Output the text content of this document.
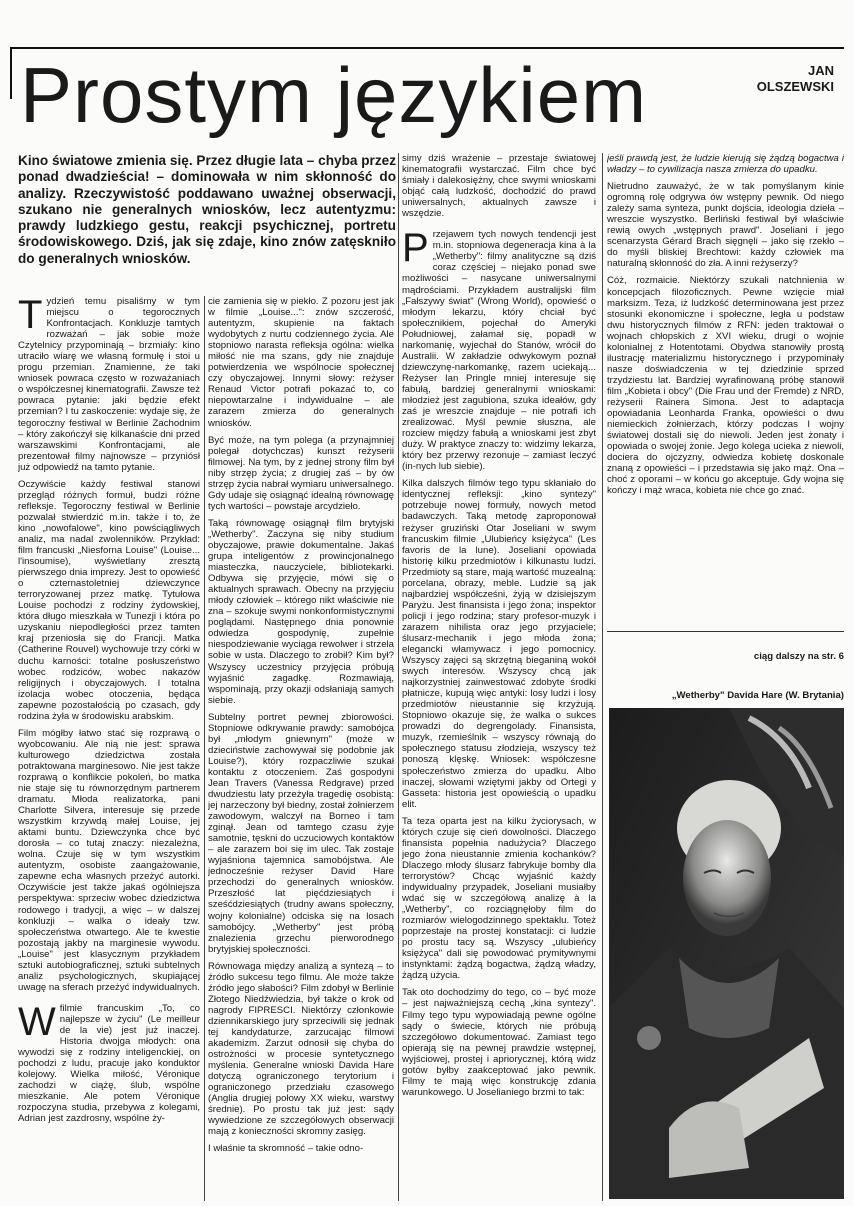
Prostym językiem	JAN
OLSZEWSKI
Kino światowe zmienia się. Przez długie lata – chyba przez ponad dwadzieścia! – dominowała w nim skłonność do analizy. Rzeczywistość poddawano uważnej obserwacji, szukano nie generalnych wniosków, lecz autentyzmu: prawdy ludzkiego gestu, reakcji psychicznej, portretu środowiskowego. Dziś, jak się zdaje, kino znów zatęskniło do generalnych wniosków.

Tydzień temu pisaliśmy w tym miejscu o tegorocznych Konfrontacjach. Konkluzje tamtych rozważań – jak sobie może Czytelnicy przypominają – brzmiały: kino utraciło wiarę we własną formułę i stoi u progu przemian. Znamienne, że taki wniosek powraca często w rozważaniach o współczesnej kinematografii. Zawsze też powraca pytanie: jaki będzie efekt przemian? I tu zaskoczenie: wydaje się, że tegoroczny festiwal w Berlinie Zachodnim – który zakończył się kilkanaście dni przed warszawskimi Konfrontacjami, ale prezentował filmy najnowsze – przyniósł już odpowiedź na tamto pytanie.

Oczywiście każdy festiwal stanowi przegląd różnych formuł, budzi różne refleksje. Tegoroczny festiwal w Berlinie pozwalał stwierdzić m.in. także i to, że kino „nowofalowe", kino powściągliwych analiz, ma nadal zwolenników. Przykład: film francuski „Niesforna Louise" (Louise... l'insoumise), wyświetlany zresztą pierwszego dnia imprezy. Jest to opowieść o czternastoletniej dziewczynce terroryzowanej przez matkę. Tytułowa Louise pochodzi z rodziny żydowskiej, która długo mieszkała w Tunezji i która po uzyskaniu niepodległości przez tamten kraj przeniosła się do Francji. Matka (Catherine Rouvel) wychowuje trzy córki w duchu karności: totalne posłuszeństwo wobec rodziców, wobec nakazów religijnych i obyczajowych. I totalna izolacja wobec otoczenia, będąca zapewne pozostałością po czasach, gdy rodzina żyła w środowisku arabskim.

Film mógłby łatwo stać się rozprawą o wyobcowaniu. Ale nią nie jest: sprawa kulturowego dziedzictwa została potraktowana marginesowo. Nie jest także rozprawą o konflikcie pokoleń, bo matka nie staje się tu równorzędnym partnerem dramatu. Młoda realizatorka, pani Charlotte Silvera, interesuje się przede wszystkim krzywdą małej Louise, jej aktami buntu. Dziewczynka chce być dorosła – co tutaj znaczy: niezależna, wolna. Czuje się w tym wszystkim autentyzm, osobiste zaangażowanie, zapewne echa własnych przeżyć autorki. Oczywiście jest także jakaś ogólniejsza perspektywa: sprzeciw wobec dziedzictwa rodowego i tradycji, a więc – w dalszej konkluzji – walka o ideały tzw. społeczeństwa otwartego. Ale te kwestie pozostają jakby na marginesie wywodu. „Louise" jest klasycznym przykładem sztuki autobiograficznej, sztuki subtelnych analiz psychologicznych, skupiającej uwagę na sferach przeżyć indywidualnych.

Wfilmie francuskim „To, co najlepsze w życiu" (Le meilleur de la vie) jest już inaczej. Historia dwojga młodych: ona wywodzi się z rodziny inteligenckiej, on pochodzi z ludu, pracuje jako konduktor kolejowy. Wielka miłość, Véronique zachodzi w ciążę, ślub, wspólne mieszkanie. Ale potem Véronique rozpoczyna studia, przebywa z kolegami, Adrian jest zazdrosny, wspólne ży-

cie zamienia się w piekło. Z pozoru jest jak w filmie „Louise...": znów szczerość, autentyzm, skupienie na faktach wydobytych z nurtu codziennego życia. Ale stopniowo narasta refleksja ogólna: wielka miłość nie ma szans, gdy nie znajduje potwierdzenia we wspólnocie społecznej czy obyczajowej. Innymi słowy: reżyser Renaud Victor potrafi pokazać to, co niepowtarzalne i indywidualne – ale zarazem zmierza do generalnych wniosków.

Być może, na tym polega (a przynajmniej polegał dotychczas) kunszt reżyserii filmowej. Na tym, by z jednej strony film był niby strzęp życia; z drugiej zaś – by ów strzęp życia nabrał wymiaru uniwersalnego. Gdy udaje się osiągnąć idealną równowagę tych wartości – powstaje arcydzieło.

Taką równowagę osiągnął film brytyjski „Wetherby". Zaczyna się niby studium obyczajowe, prawie dokumentalne. Jakaś grupa inteligentów z prowincjonalnego miasteczka, nauczyciele, bibliotekarki. Odbywa się przyjęcie, mówi się o aktualnych sprawach. Obecny na przyjęciu młody człowiek – którego nikt właściwie nie zna – szokuje swymi nonkonformistycznymi poglądami. Następnego dnia ponownie odwiedza gospodynię, zupełnie niespodziewanie wyciąga rewolwer i strzela sobie w usta. Dlaczego to zrobił? Kim był? Wszyscy uczestnicy przyjęcia próbują wyjaśnić zagadkę. Rozmawiają, wspominają, przy okazji odsłaniają samych siebie.

Subtelny portret pewnej zbiorowości. Stopniowe odkrywanie prawdy: samobójca był „młodym gniewnym" (może w dzieciństwie zachowywał się podobnie jak Louise?), który rozpaczliwie szukał kontaktu z otoczeniem. Zaś gospodyni Jean Travers (Vanessa Redgrave) przed dwudziestu laty przeżyła tragedię osobistą: jej narzeczony był biedny, został żołnierzem zawodowym, walczył na Borneo i tam zginął. Jean od tamtego czasu żyje samotnie, tęskni do uczuciowych kontaktów – ale zarazem boi się im ulec. Tak zostaje wyjaśniona tajemnica samobójstwa. Ale jednocześnie reżyser David Hare przechodzi do generalnych wniosków. Przeszłość lat pięćdziesiątych i sześćdziesiątych (trudny awans społeczny, wojny kolonialne) odciska się na losach samobójcy. „Wetherby" jest próbą znalezienia grzechu pierworodnego brytyjskiej społeczności.

Równowaga między analizą a syntezą – to źródło sukcesu tego filmu. Ale może także źródło jego słabości? Film zdobył w Berlinie Złotego Niedźwiedzia, był także o krok od nagrody FIPRESCI. Niektórzy członkowie dziennikarskiego jury sprzeciwili się jednak tej kandydaturze, zarzucając filmowi akademizm. Zarzut odnosił się chyba do ostrożności w procesie syntetycznego myślenia. Generalne wnioski Davida Hare dotyczą ograniczonego terytorium i ograniczonego przedziału czasowego (Anglia drugiej połowy XX wieku, warstwy średnie). Po prostu tak już jest: sądy wywiedzione ze szczegółowych obserwacji mają z konieczności skromny zasięg.

I właśnie ta skromność – takie odno-

simy dziś wrażenie – przestaje światowej kinematografii wystarczać. Film chce być śmiały i dalekosiężny, chce swymi wnioskami objąć całą ludzkość, dochodzić do prawd uniwersalnych, aktualnych zawsze i wszędzie.

Przejawem tych nowych tendencji jest m.in. stopniowa degeneracja kina à la „Wetherby": filmy analityczne są dziś coraz częściej – niejako ponad swe możliwości – nasycane uniwersalnymi mądrościami. Przykładem australijski film „Fałszywy świat" (Wrong World), opowieść o młodym lekarzu, który chciał być społecznikiem, pojechał do Ameryki Południowej, załamał się, popadł w narkomanię, wyjechał do Stanów, wrócił do Australii. W zakładzie odwykowym poznał dziewczynę-narkomankę, razem uciekają... Reżyser Ian Pringle mniej interesuje się fabułą, bardziej generalnymi wnioskami: młodzież jest zagubiona, szuka ideałów, gdy zaś je wreszcie znajduje – nie potrafi ich zrealizować. Myśl pewnie słuszna, ale rozciew między fabułą a wnioskami jest zbyt duży. W praktyce znaczy to: widzimy lekarza, który bez przerwy rezonuje – zamiast leczyć (in-nych lub siebie).

Kilka dalszych filmów tego typu skłaniało do identycznej refleksji: „kino syntezy" potrzebuje nowej formuły, nowych metod badawczych. Taką metodę zaproponował reżyser gruziński Otar Joseliani w swym francuskim filmie „Ulubieńcy księżyca" (Les favoris de la lune). Joseliani opowiada historię kilku przedmiotów i kilkunastu ludzi. Przedmioty są stare, mają wartość muzealną: porcelana, obrazy, meble. Ludzie są jak najbardziej współcześni, żyją w dzisiejszym Paryżu. Jest finansista i jego żona; inspektor policji i jego rodzina; stary profesor-muzyk i zarazem nihilista oraz jego przyjaciele; ślusarz-mechanik i jego młoda żona; elegancki włamywacz i jego pomocnicy. Wszyscy zajęci są skrzętną bieganiną wokół swych interesów. Wszyscy chcą jak najkorzystniej zainwestować zdobyte środki płatnicze, kupują więc antyki: losy ludzi i losy przedmiotów nieustannie się krzyżują. Stopniowo okazuje się, że walka o sukces prowadzi do degrengolady. Finansista, muzyk, rzemieślnik – wszyscy równają do społecznego statusu złodzieja, wszyscy też ponoszą klęskę. Wniosek: współczesne społeczeństwo zmierza do upadku. Albo inaczej, słowami wziętymi jakby od Ortegi y Gasseta: historia jest opowieścią o upadku elit.

Ta teza oparta jest na kilku życiorysach, w których czuje się cień dowolności. Dlaczego finansista popełnia nadużycia? Dlaczego jego żona nieustannie zmienia kochanków? Dlaczego młody ślusarz fabrykuje bomby dla terrorystów? Chcąc wyjaśnić każdy indywidualny przypadek, Joseliani musiałby wdać się w szczegółową analizę à la „Wetherby", co rozciągnęłoby film do rozmiarów wielogodzinnego spektaklu. Toteż poprzestaje na prostej konstatacji: ci ludzie po prostu tacy są. Wszyscy „ulubieńcy księżyca" dali się powodować prymitywnymi instynktami: żądzą bogactwa, żądzą władzy, żądzą użycia.

Tak oto dochodzimy do tego, co – być może – jest najważniejszą cechą „kina syntezy". Filmy tego typu wypowiadają pewne ogólne sądy o świecie, których nie próbują szczegółowo dokumentować. Zamiast tego opierają się na pewnej prawdzie wstępnej, wyjściowej, prostej i apriorycznej, którą widz gotów byłby zaakceptować jako pewnik. Filmy te mają więc konstrukcję zdania warunkowego. U Joselianiego brzmi to tak:

jeśli prawdą jest, że ludzie kierują się żądzą bogactwa i władzy – to cywilizacja nasza zmierza do upadku.

Nietrudno zauważyć, że w tak pomyślanym kinie ogromną rolę odgrywa ów wstępny pewnik. Od niego zależy sama synteza, punkt dojścia, ideologia dzieła – wreszcie wyszystko. Berliński festiwal był właściwie rewią owych „wstępnych prawd". Joseliani i jego scenarzysta Gérard Brach sięgnęli – jako się rzekło – do myśli bliskiej Brechtowi: każdy człowiek ma naturalną skłonność do zła. A inni reżyserzy?

Cóż, rozmaicie. Niektórzy szukali natchnienia w koncepcjach filozoficznych. Pewne wzięcie miał marksizm. Teza, iż ludzkość determinowana jest przez stosunki ekonomiczne i społeczne, legła u podstaw dwu historycznych filmów z RFN: jeden traktował o wojnach chłopskich z XVI wieku, drugi o wojnie kolonialnej z Hotentotami. Obydwa stanowiły prostą ilustrację materializmu historycznego i przypominały nasze doświadczenia w tej dziedzinie sprzed trzydziestu lat. Bardziej wyrafinowaną próbę stanowił film „Kobieta i obcy" (Die Frau und der Fremde) z NRD, reżyserii Rainera Simona. Jest to adaptacja opowiadania Leonharda Franka, opowieści o dwu niemieckich żołnierzach, którzy podczas I wojny światowej dostali się do niewoli. Jeden jest żonaty i opowiada o swojej żonie. Jego kolega ucieka z niewoli, dociera do ojczyzny, odwiedza kobietę doskonale znaną z opowieści – i przedstawia się jako mąż. Ona – choć z oporami – w końcu go akceptuje. Gdy wojna się kończy i mąż wraca, kobieta nie chce go znać.

ciąg dalszy na str. 6
„Wetherby" Davida Hare (W. Brytania)
